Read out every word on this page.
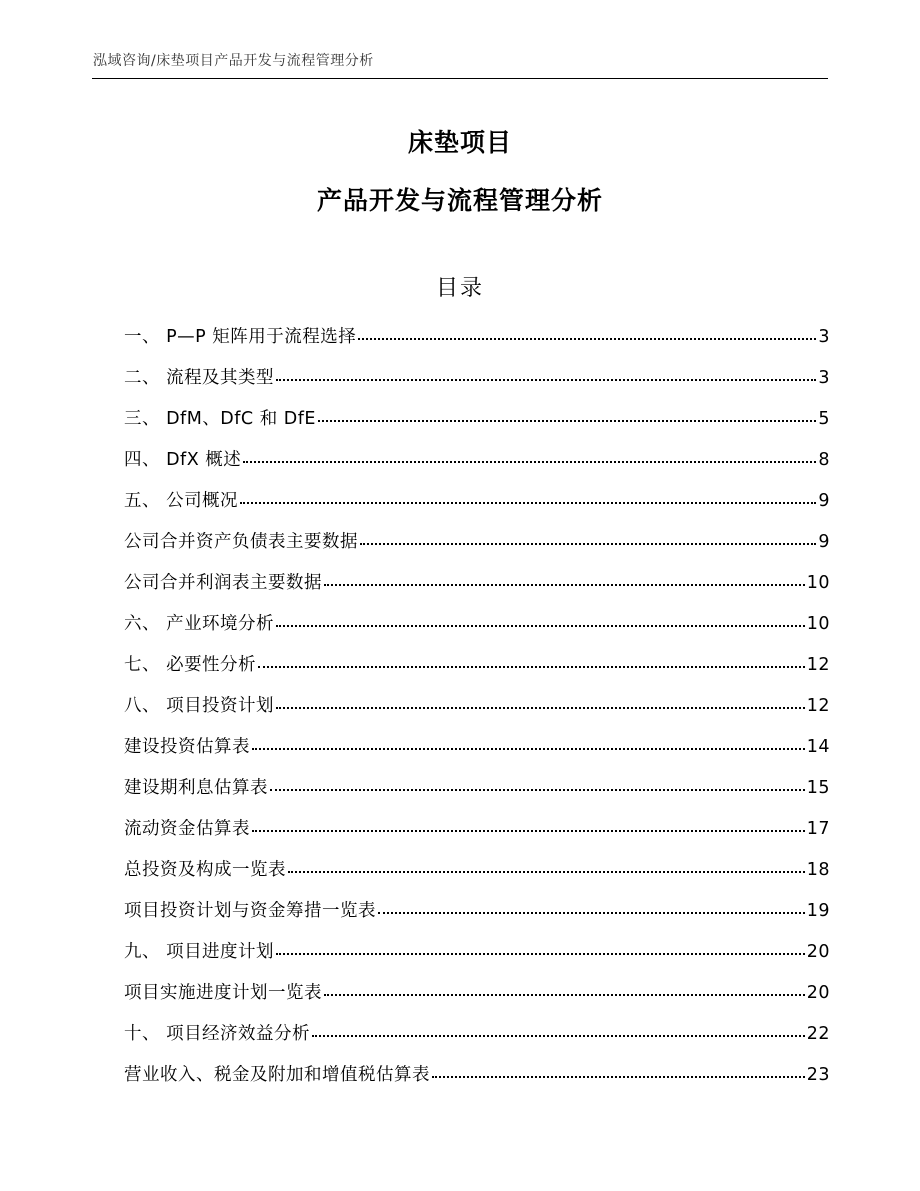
泓域咨询/床垫项目产品开发与流程管理分析
床垫项目
产品开发与流程管理分析
目录
一、 P—P 矩阵用于流程选择	3
二、 流程及其类型	3
三、 DfM、DfC 和 DfE	5
四、 DfX 概述	8
五、 公司概况	9
公司合并资产负债表主要数据	9
公司合并利润表主要数据	10
六、 产业环境分析	10
七、 必要性分析	12
八、 项目投资计划	12
建设投资估算表	14
建设期利息估算表	15
流动资金估算表	17
总投资及构成一览表	18
项目投资计划与资金筹措一览表	19
九、 项目进度计划	20
项目实施进度计划一览表	20
十、 项目经济效益分析	22
营业收入、税金及附加和增值税估算表	23
